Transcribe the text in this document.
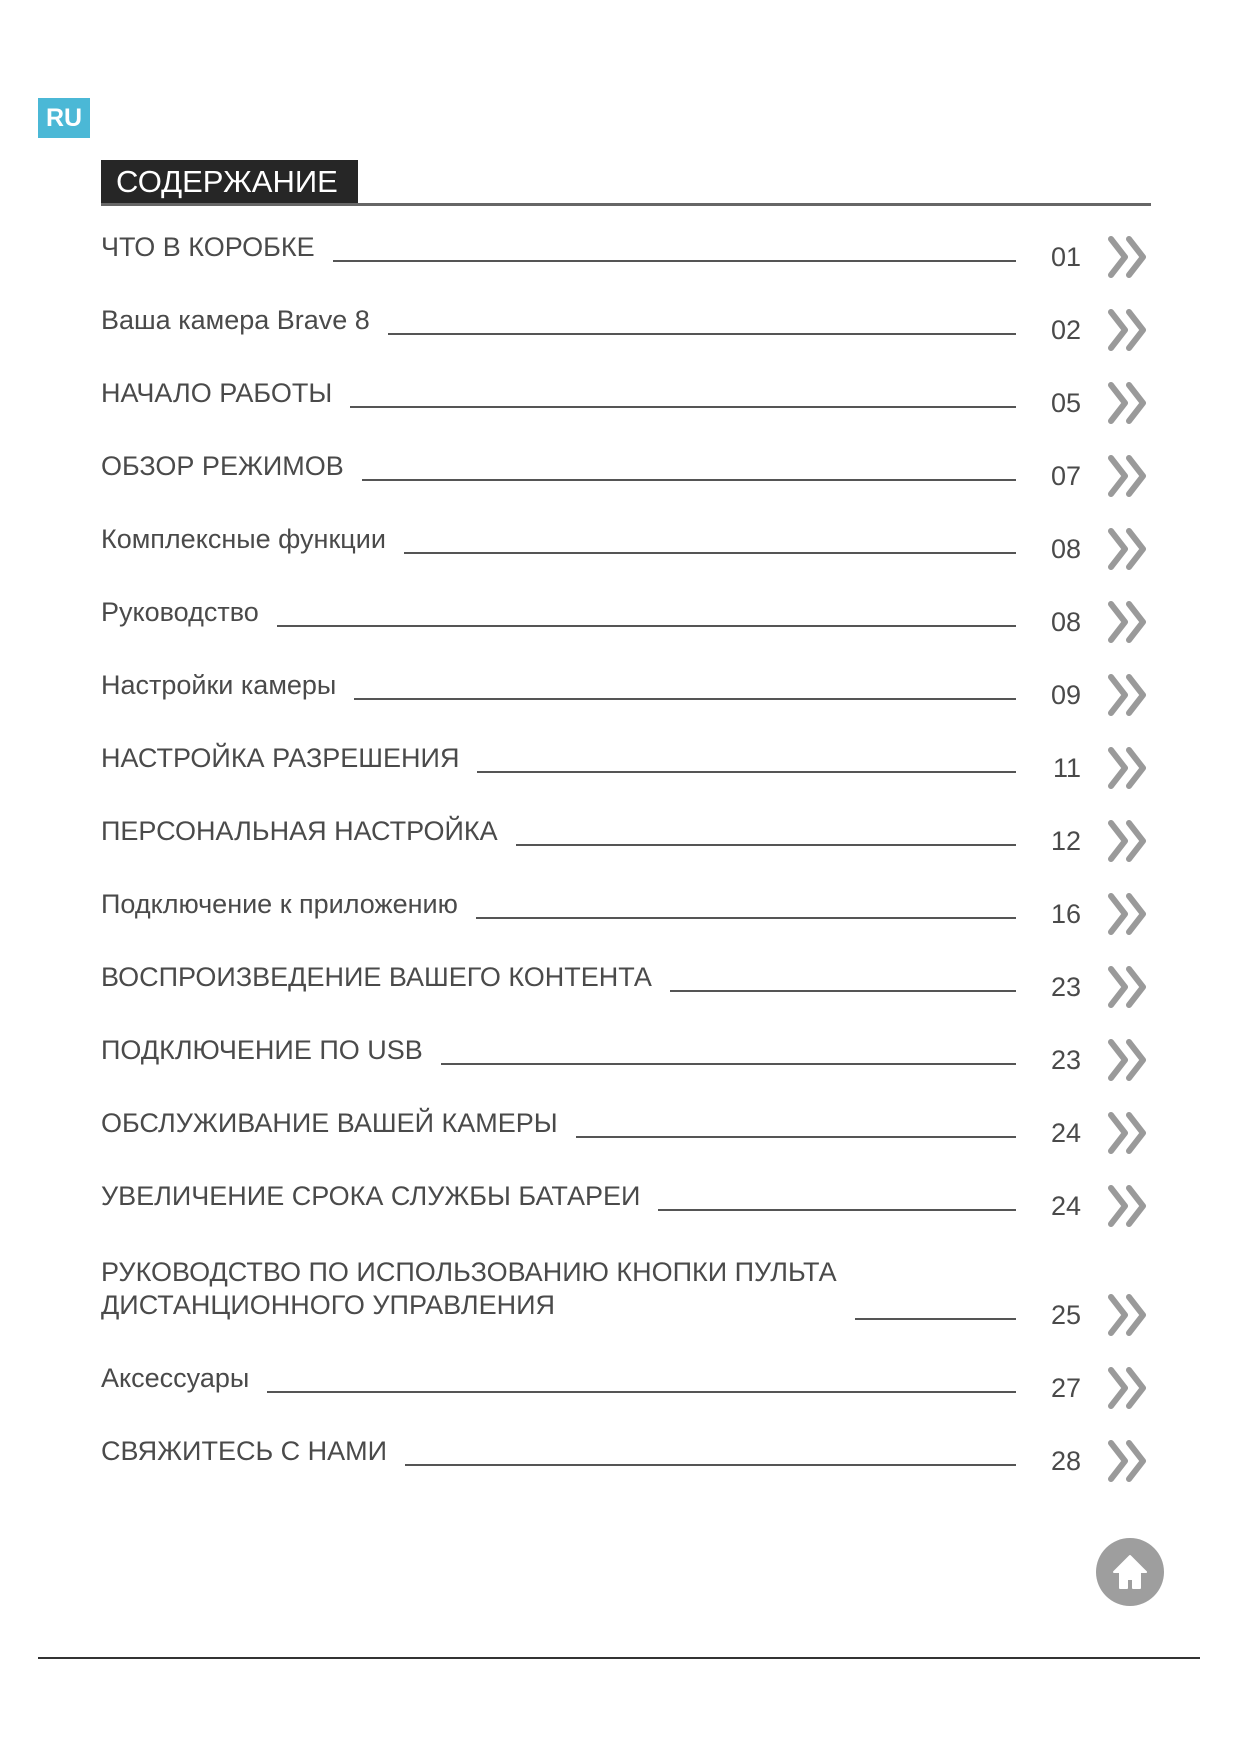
RU
СОДЕРЖАНИЕ
ЧТО В КОРОБКЕ	01
Ваша камера Brave 8	02
НАЧАЛО РАБОТЫ	05
ОБЗОР РЕЖИМОВ	07
Комплексные функции	08
Руководство	08
Настройки камеры	09
НАСТРОЙКА РАЗРЕШЕНИЯ	11
ПЕРСОНАЛЬНАЯ НАСТРОЙКА	12
Подключение к приложению	16
ВОСПРОИЗВЕДЕНИЕ ВАШЕГО КОНТЕНТА	23
ПОДКЛЮЧЕНИЕ ПО USB	23
ОБСЛУЖИВАНИЕ ВАШЕЙ КАМЕРЫ	24
УВЕЛИЧЕНИЕ СРОКА СЛУЖБЫ БАТАРЕИ	24
РУКОВОДСТВО ПО ИСПОЛЬЗОВАНИЮ КНОПКИ ПУЛЬТА
ДИСТАНЦИОННОГО УПРАВЛЕНИЯ	25
Аксессуары	27
СВЯЖИТЕСЬ С НАМИ	28
